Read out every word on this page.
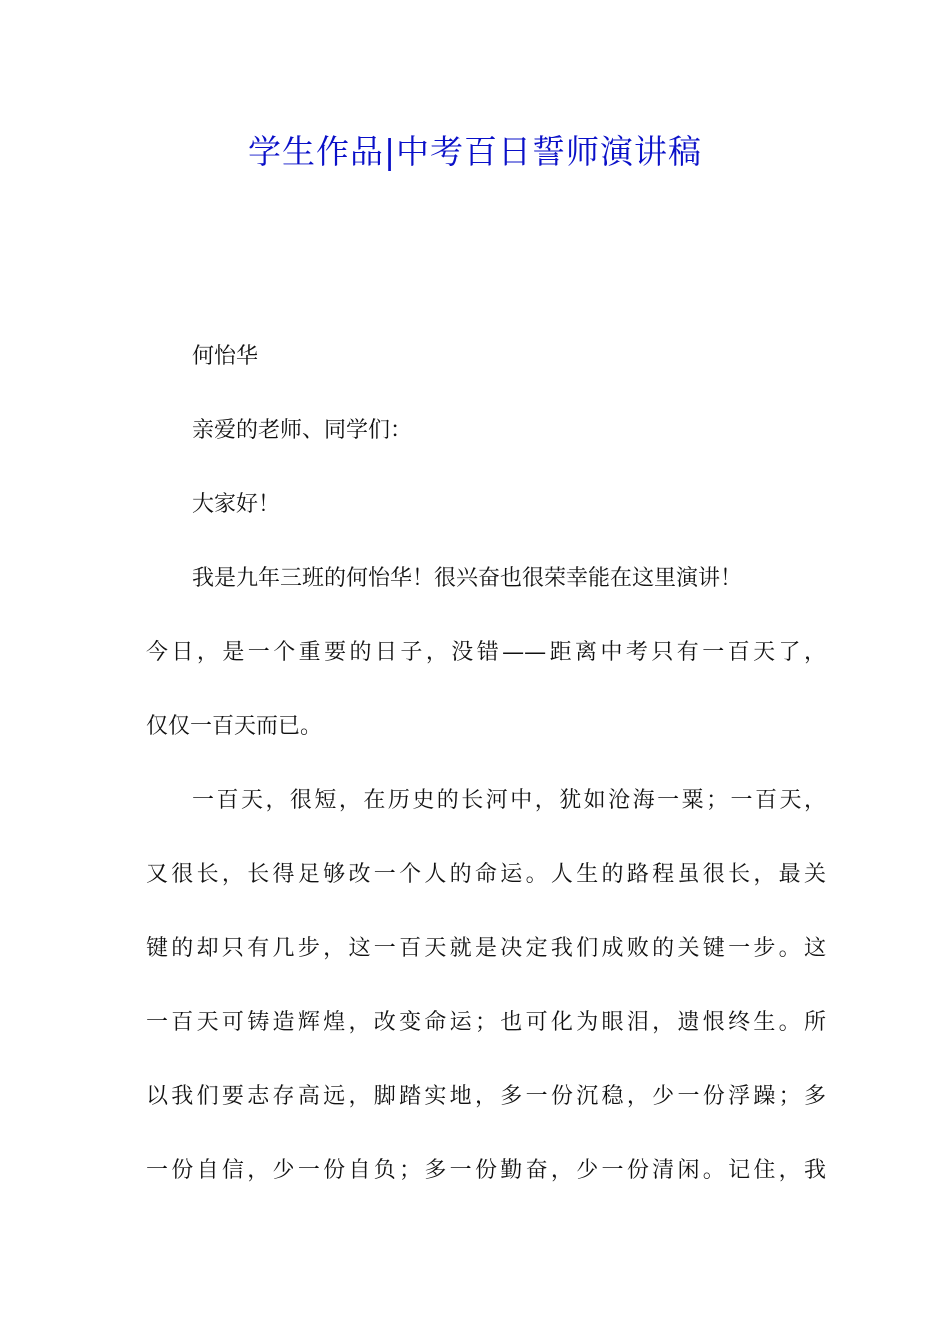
学生作品|中考百日誓师演讲稿

何怡华

亲爱的老师、同学们：

大家好！

我是九年三班的何怡华！很兴奋也很荣幸能在这里演讲！
今日，是一个重要的日子，没错——距离中考只有一百天了，
仅仅一百天而已。

一百天，很短，在历史的长河中，犹如沧海一粟；一百天，
又很长，长得足够改一个人的命运。人生的路程虽很长，最关
键的却只有几步，这一百天就是决定我们成败的关键一步。这
一百天可铸造辉煌，改变命运；也可化为眼泪，遗恨终生。所
以我们要志存高远，脚踏实地，多一份沉稳，少一份浮躁；多
一份自信，少一份自负；多一份勤奋，少一份清闲。记住，我
